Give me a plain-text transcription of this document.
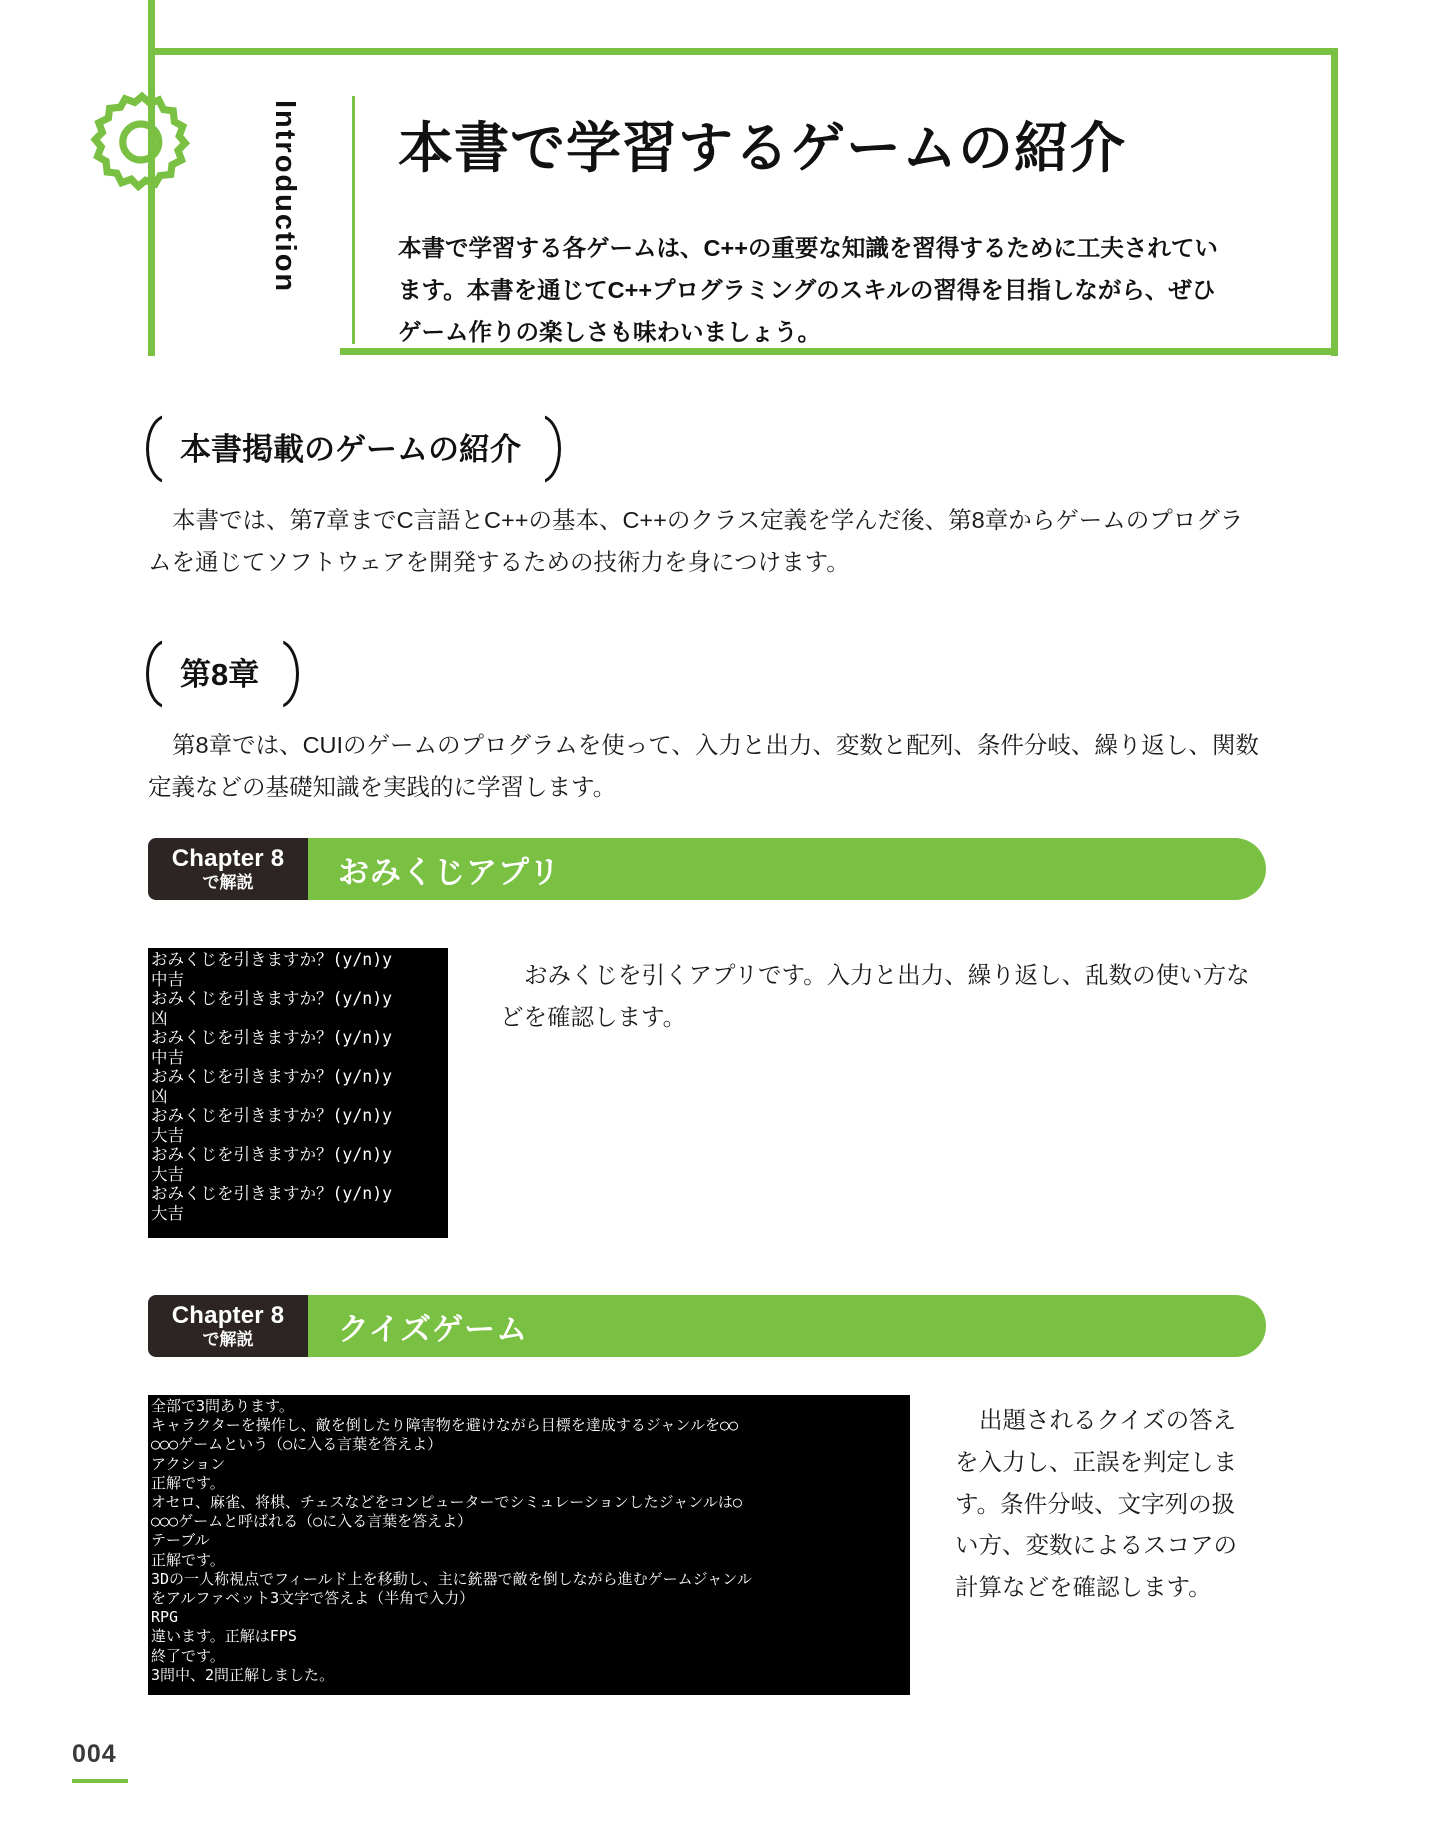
Introduction 本書で学習するゲームの紹介
本書で学習する各ゲームは、C++の重要な知識を習得するために工夫されています。本書を通じてC++プログラミングのスキルの習得を目指しながら、ぜひゲーム作りの楽しさも味わいましょう。
本書掲載のゲームの紹介
本書では、第7章までC言語とC++の基本、C++のクラス定義を学んだ後、第8章からゲームのプログラムを通じてソフトウェアを開発するための技術力を身につけます。
第8章
第8章では、CUIのゲームのプログラムを使って、入力と出力、変数と配列、条件分岐、繰り返し、関数定義などの基礎知識を実践的に学習します。
Chapter 8
で解説	おみくじアプリ
おみくじを引きますか？(y/n)y
中吉
おみくじを引きますか？(y/n)y
凶
おみくじを引きますか？(y/n)y
中吉
おみくじを引きますか？(y/n)y
凶
おみくじを引きますか？(y/n)y
大吉
おみくじを引きますか？(y/n)y
大吉
おみくじを引きますか？(y/n)y
大吉
おみくじを引くアプリです。入力と出力、繰り返し、乱数の使い方などを確認します。
Chapter 8
で解説	クイズゲーム
全部で3問あります。
キャラクターを操作し、敵を倒したり障害物を避けながら目標を達成するジャンルを○○
○○○ゲームという（○に入る言葉を答えよ）
アクション
正解です。
オセロ、麻雀、将棋、チェスなどをコンピューターでシミュレーションしたジャンルは○
○○○ゲームと呼ばれる（○に入る言葉を答えよ）
テーブル
正解です。
3Dの一人称視点でフィールド上を移動し、主に銃器で敵を倒しながら進むゲームジャンル
をアルファベット3文字で答えよ（半角で入力）
RPG
違います。正解はFPS
終了です。
3問中、2問正解しました。
出題されるクイズの答えを入力し、正誤を判定します。条件分岐、文字列の扱い方、変数によるスコアの計算などを確認します。
004
